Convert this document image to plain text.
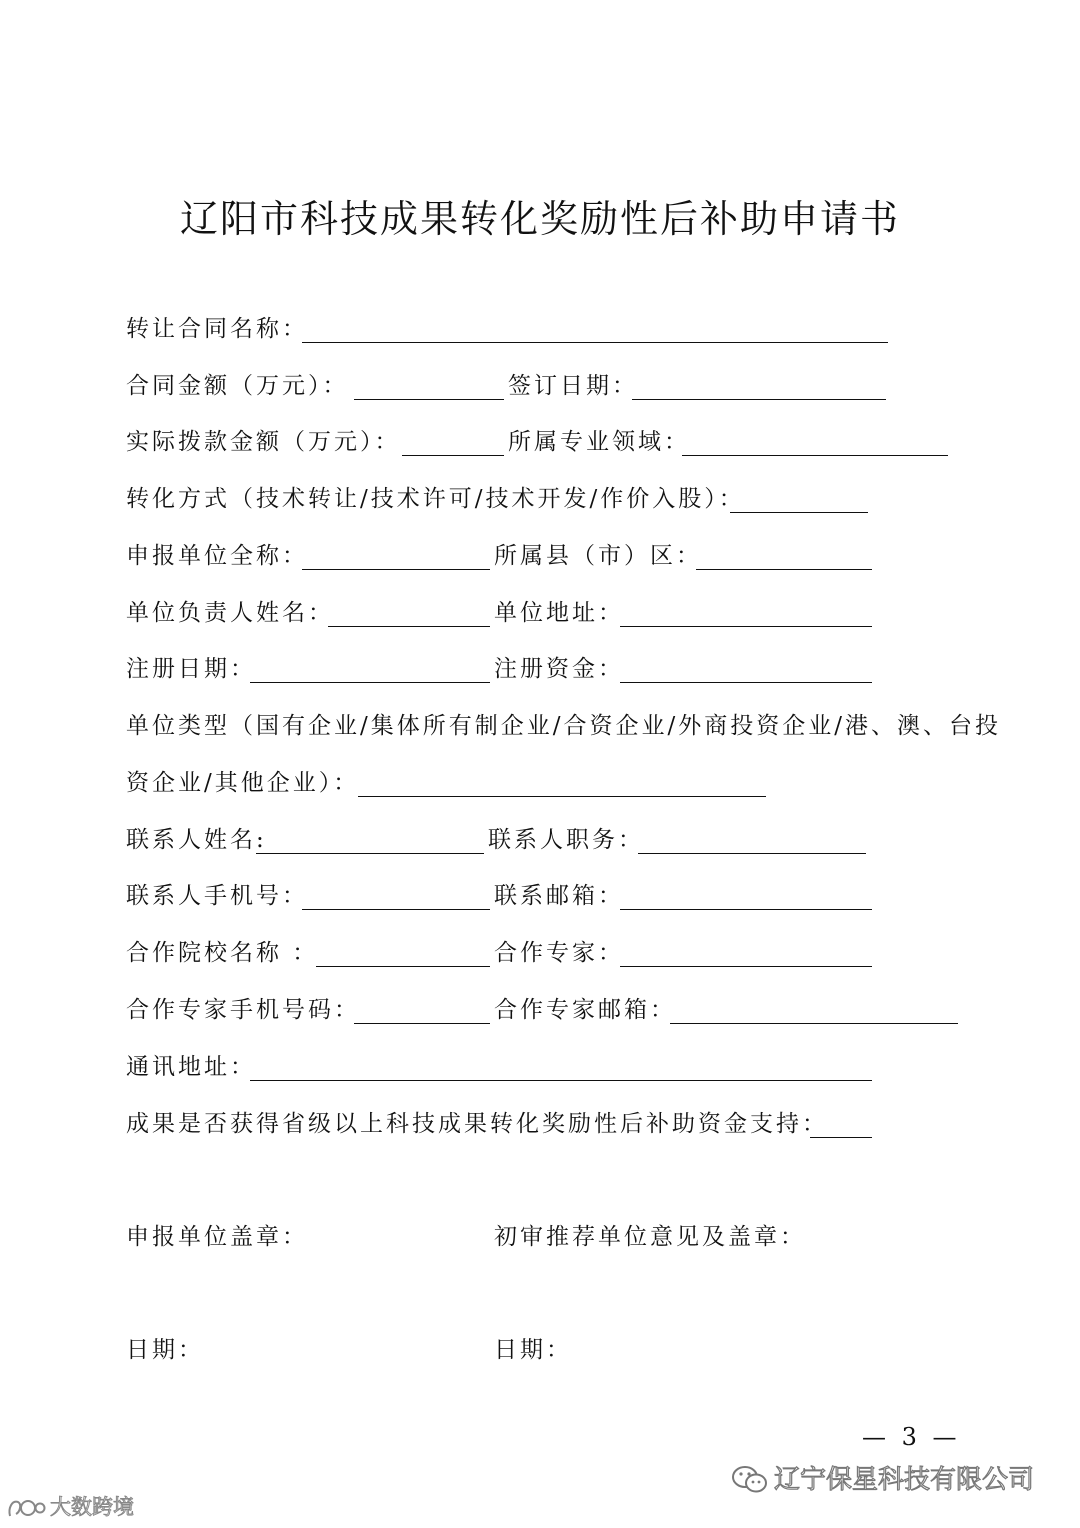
辽阳市科技成果转化奖励性后补助申请书
转让合同名称：
合同金额（万元）：	签订日期：
实际拨款金额（万元）：	所属专业领域：
转化方式（技术转让/技术许可/技术开发/作价入股）：
申报单位全称：	所属县（市）区：
单位负责人姓名：	单位地址：
注册日期：	注册资金：
单位类型（国有企业/集体所有制企业/合资企业/外商投资企业/港、澳、台投
资企业/其他企业）：
联系人姓名:	联系人职务：
联系人手机号：	联系邮箱：
合作院校名称 ：	合作专家：
合作专家手机号码：	合作专家邮箱：
通讯地址：
成果是否获得省级以上科技成果转化奖励性后补助资金支持：
申报单位盖章：	初审推荐单位意见及盖章：
日期：	日期：
— 3 —
辽宁保星科技有限公司
大数跨境
